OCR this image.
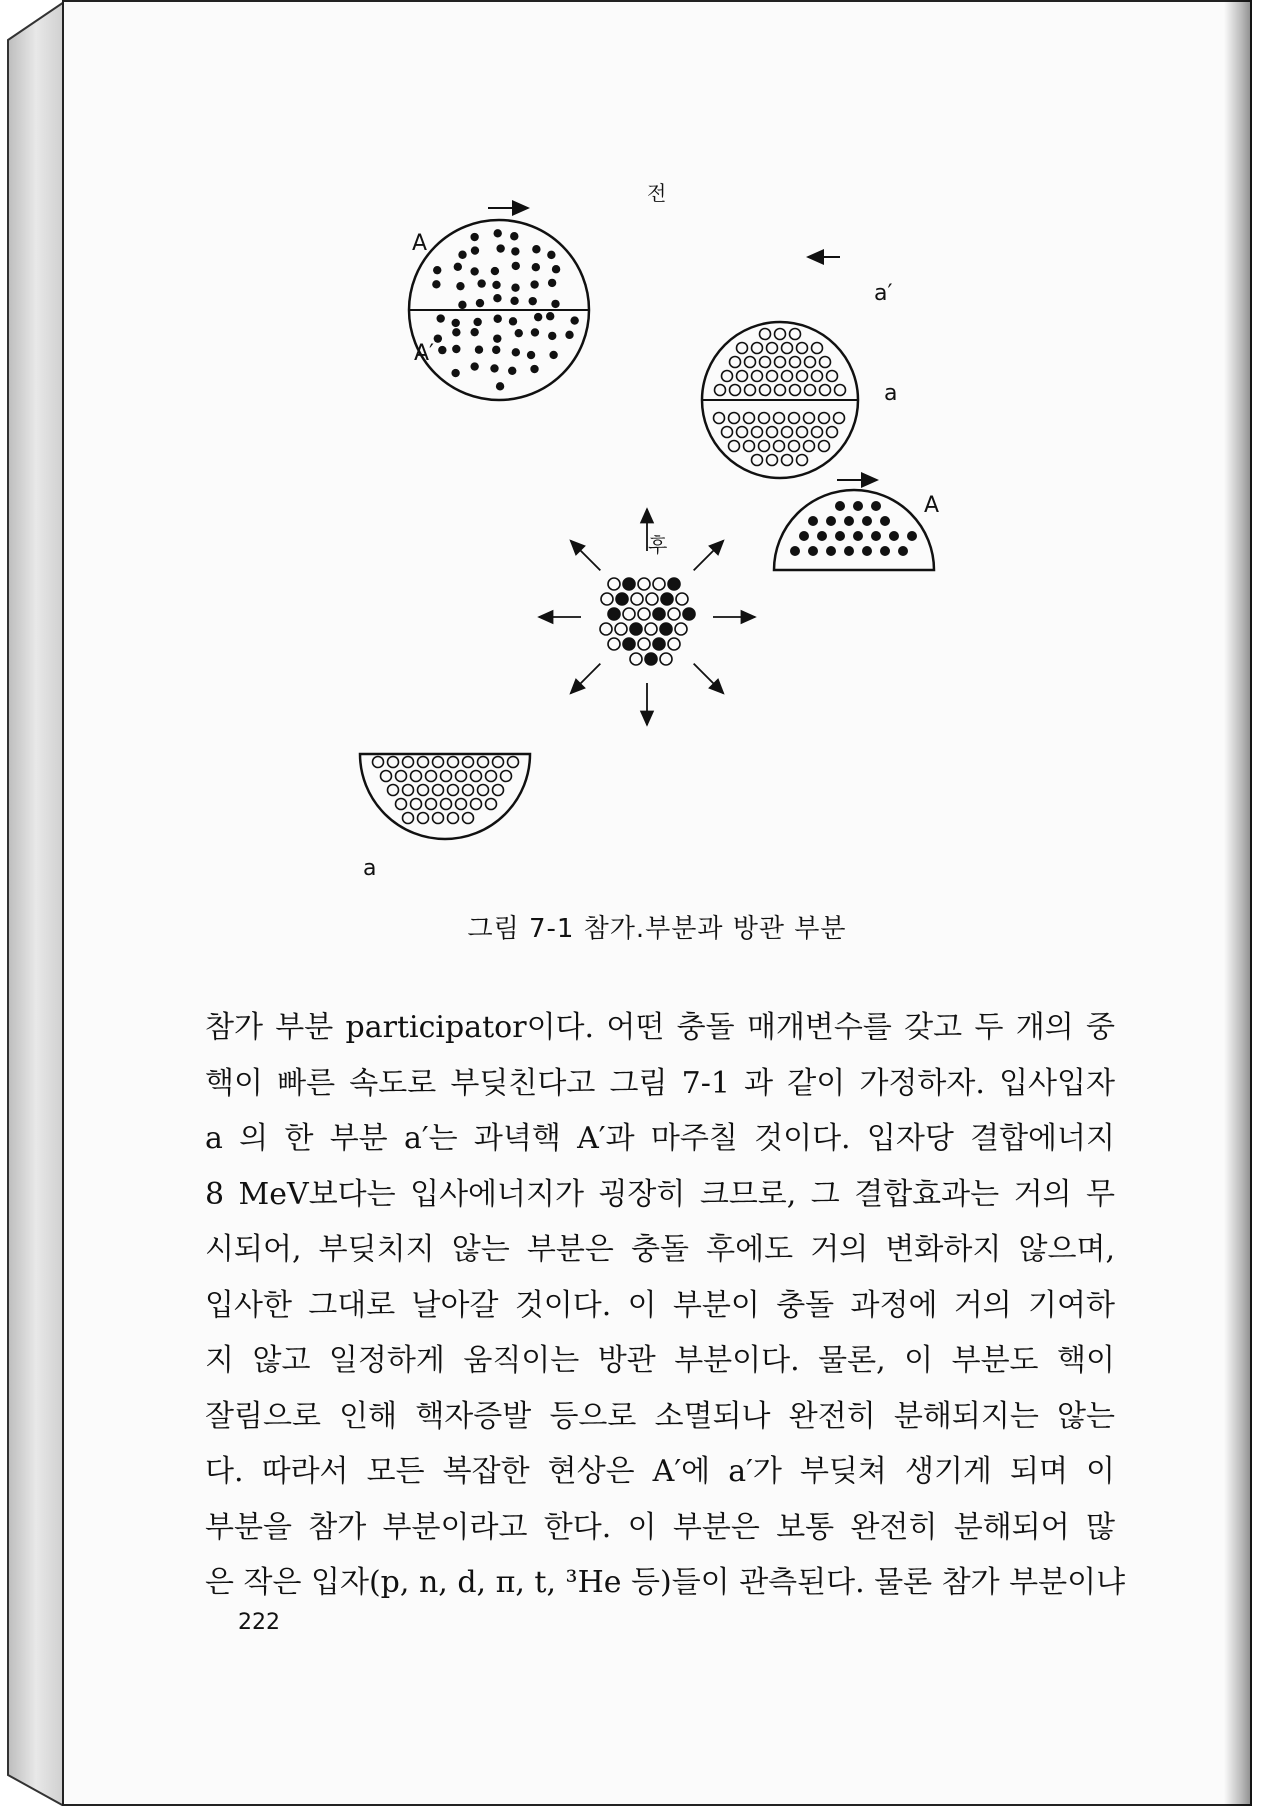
전
A
A′
a′
a
후
A
a
그림 7-1 참가.부분과 방관 부분
참가 부분 participator이다. 어떤 충돌 매개변수를 갖고 두 개의 중
핵이 빠른 속도로 부딪친다고 그림 7-1 과 같이 가정하자. 입사입자
a 의 한 부분 a′는 과녁핵 A′과 마주칠 것이다. 입자당 결합에너지
8 MeV보다는 입사에너지가 굉장히 크므로, 그 결합효과는 거의 무
시되어, 부딪치지 않는 부분은 충돌 후에도 거의 변화하지 않으며,
입사한 그대로 날아갈 것이다. 이 부분이 충돌 과정에 거의 기여하
지 않고 일정하게 움직이는 방관 부분이다. 물론, 이 부분도 핵이
잘림으로 인해 핵자증발 등으로 소멸되나 완전히 분해되지는 않는
다. 따라서 모든 복잡한 현상은 A′에 a′가 부딪쳐 생기게 되며 이
부분을 참가 부분이라고 한다. 이 부분은 보통 완전히 분해되어 많
은 작은 입자(p, n, d, π, t, ³He 등)들이 관측된다. 물론 참가 부분이냐
222
